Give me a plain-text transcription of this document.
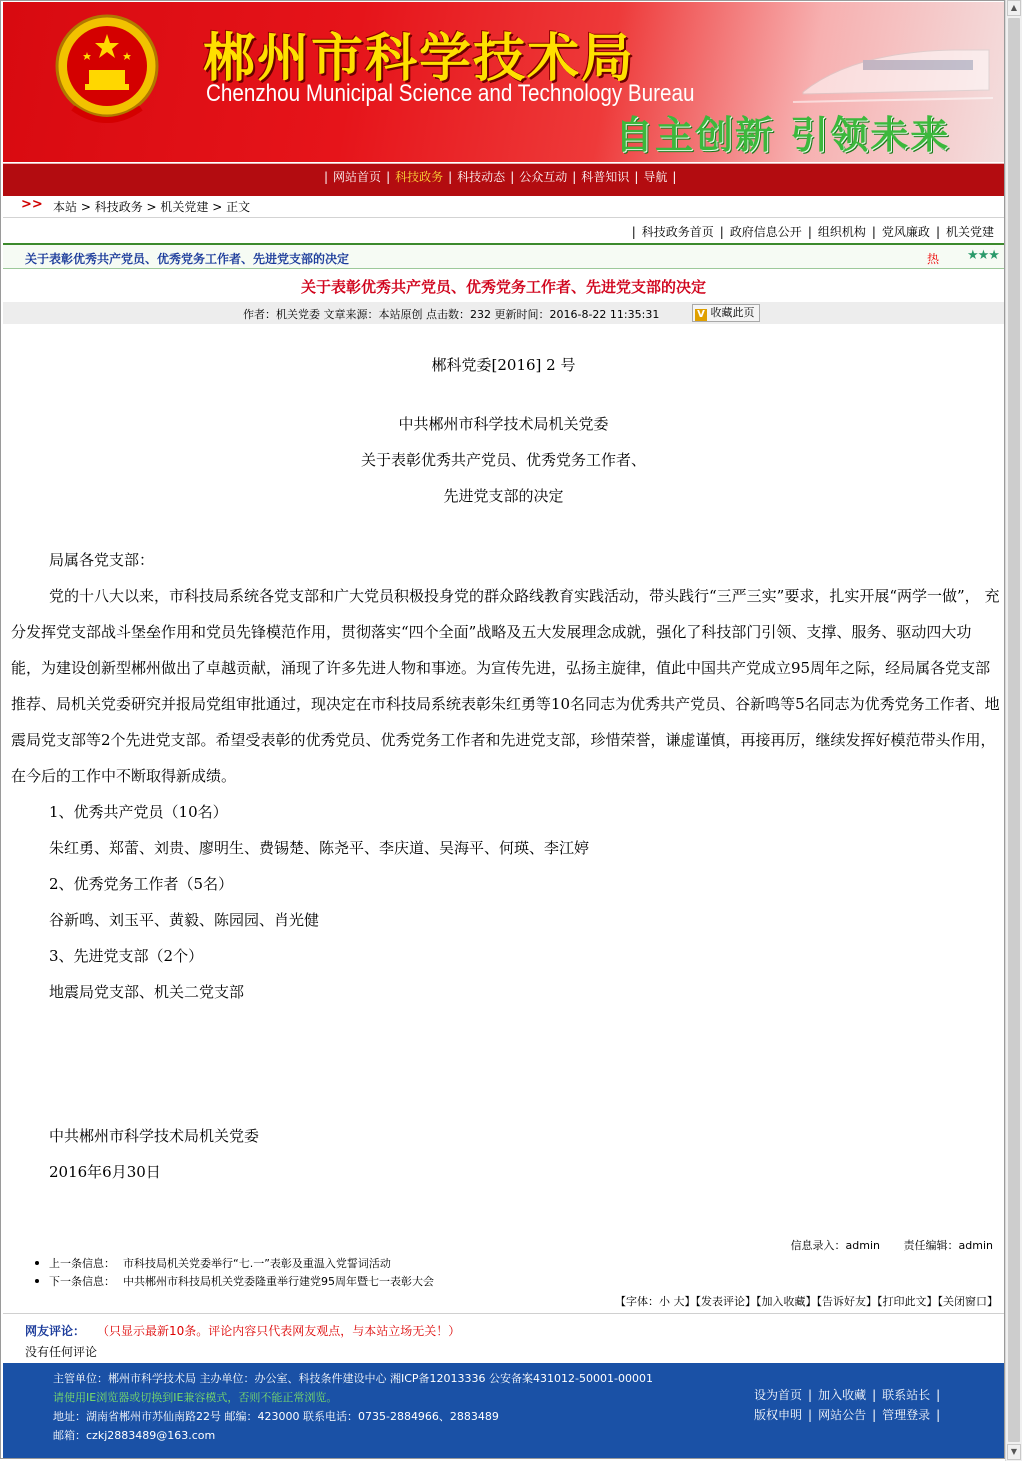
郴州市科学技术局
Chenzhou Municipal Science and Technology Bureau
自主创新 引领未来
| 网站首页 | 科技政务 | 科技动态 | 公众互动 | 科普知识 | 导航 |
>> 本站 > 科技政务 > 机关党建 > 正文
| 科技政务首页 | 政府信息公开 | 组织机构 | 党风廉政 | 机关党建
关于表彰优秀共产党员、优秀党务工作者、先进党支部的决定	热 ★★★
关于表彰优秀共产党员、优秀党务工作者、先进党支部的决定
作者：机关党委 文章来源：本站原创 点击数：232 更新时间：2016-8-22 11:35:31	V 收藏此页
郴科党委[2016] 2 号
中共郴州市科学技术局机关党委
关于表彰优秀共产党员、优秀党务工作者、
先进党支部的决定

局属各党支部：

党的十八大以来，市科技局系统各党支部和广大党员积极投身党的群众路线教育实践活动，带头践行“三严三实”要求，扎实开展“两学一做”， 充分发挥党支部战斗堡垒作用和党员先锋模范作用，贯彻落实“四个全面”战略及五大发展理念成就，强化了科技部门引领、支撑、服务、驱动四大功能，为建设创新型郴州做出了卓越贡献，涌现了许多先进人物和事迹。为宣传先进，弘扬主旋律，值此中国共产党成立95周年之际，经局属各党支部推荐、局机关党委研究并报局党组审批通过，现决定在市科技局系统表彰朱红勇等10名同志为优秀共产党员、谷新鸣等5名同志为优秀党务工作者、地震局党支部等2个先进党支部。希望受表彰的优秀党员、优秀党务工作者和先进党支部，珍惜荣誉，谦虚谨慎，再接再厉，继续发挥好模范带头作用，在今后的工作中不断取得新成绩。

1、优秀共产党员（10名）

朱红勇、郑蕾、刘贵、廖明生、费锡楚、陈尧平、李庆道、吴海平、何瑛、李江婷

2、优秀党务工作者（5名）

谷新鸣、刘玉平、黄毅、陈园园、肖光健

3、先进党支部（2个）

地震局党支部、机关二党支部

中共郴州市科学技术局机关党委

2016年6月30日

信息录入：admin 责任编辑：admin
上一条信息： 市科技局机关党委举行“七.一”表彰及重温入党誓词活动
下一条信息： 中共郴州市科技局机关党委隆重举行建党95周年暨七一表彰大会
【字体：小 大】【发表评论】【加入收藏】【告诉好友】【打印此文】【关闭窗口】
网友评论： （只显示最新10条。评论内容只代表网友观点，与本站立场无关！）
没有任何评论
主管单位：郴州市科学技术局 主办单位：办公室、科技条件建设中心 湘ICP备12013336 公安备案431012-50001-00001
请使用IE浏览器或切换到IE兼容模式，否则不能正常浏览。
地址：湖南省郴州市苏仙南路22号 邮编：423000 联系电话：0735-2884966、2883489
邮箱：czkj2883489@163.com
设为首页 | 加入收藏 | 联系站长 |
版权申明 | 网站公告 | 管理登录 |
▲
▼
